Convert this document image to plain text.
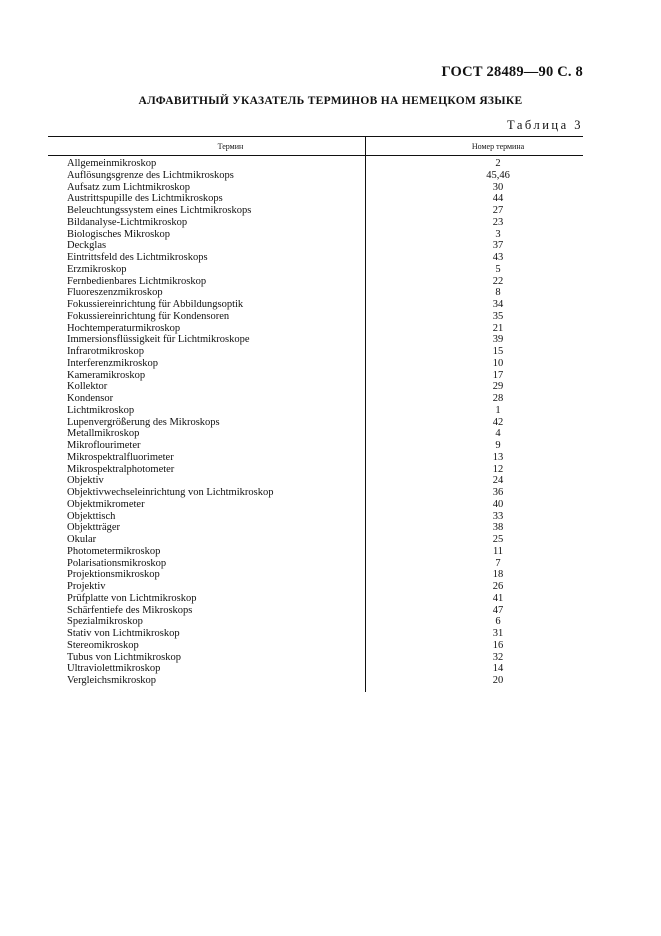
ГОСТ 28489—90 С. 8
АЛФАВИТНЫЙ УКАЗАТЕЛЬ ТЕРМИНОВ НА НЕМЕЦКОМ ЯЗЫКЕ
Таблица 3
Термин	Номер термина
Allgemeinmikroskop	2
Auflösungsgrenze des Lichtmikroskops	45,46
Aufsatz zum Lichtmikroskop	30
Austrittspupille des Lichtmikroskops	44
Beleuchtungssystem eines Lichtmikroskops	27
Bildanalyse-Lichtmikroskop	23
Biologisches Mikroskop	3
Deckglas	37
Eintrittsfeld des Lichtmikroskops	43
Erzmikroskop	5
Fernbedienbares Lichtmikroskop	22
Fluoreszenzmikroskop	8
Fokussiereinrichtung für Abbildungsoptik	34
Fokussiereinrichtung für Kondensoren	35
Hochtemperaturmikroskop	21
Immersionsflüssigkeit für Lichtmikroskope	39
Infrarotmikroskop	15
Interferenzmikroskop	10
Kameramikroskop	17
Kollektor	29
Kondensor	28
Lichtmikroskop	1
Lupenvergrößerung des Mikroskops	42
Metallmikroskop	4
Mikroflourimeter	9
Mikrospektralfluorimeter	13
Mikrospektralphotometer	12
Objektiv	24
Objektivwechseleinrichtung von Lichtmikroskop	36
Objektmikrometer	40
Objekttisch	33
Objektträger	38
Okular	25
Photometermikroskop	11
Polarisationsmikroskop	7
Projektionsmikroskop	18
Projektiv	26
Prüfplatte von Lichtmikroskop	41
Schärfentiefe des Mikroskops	47
Spezialmikroskop	6
Stativ von Lichtmikroskop	31
Stereomikroskop	16
Tubus von Lichtmikroskop	32
Ultraviolettmikroskop	14
Vergleichsmikroskop	20
